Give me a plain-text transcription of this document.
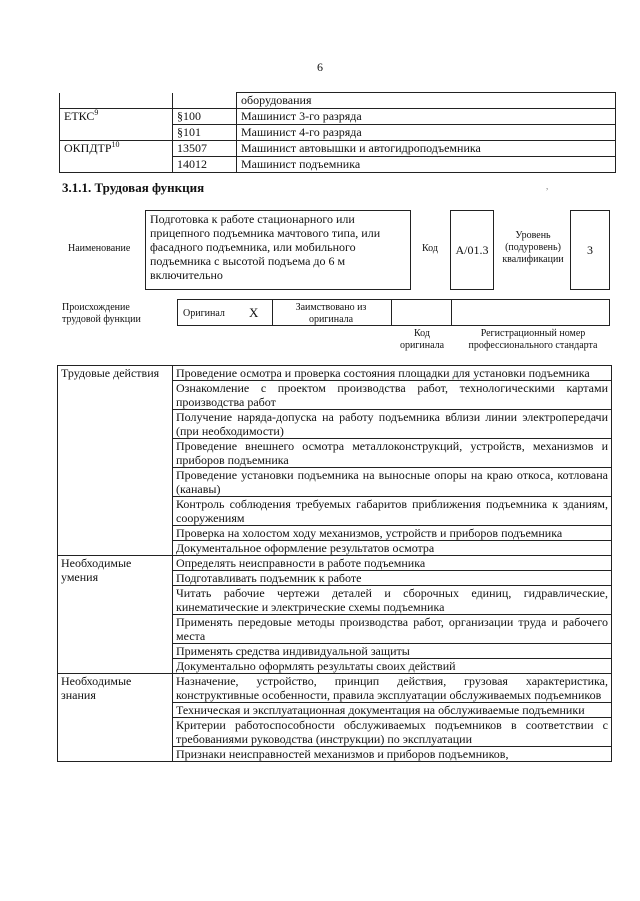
6
		оборудования
ЕТКС$^9$	§100	Машинист 3-го разряда
	§101	Машинист 4-го разряда
ОКПДТР$^{10}$	13507	Машинист автовышки и автогидроподъемника
	14012	Машинист подъемника
3.1.1. Трудовая функция	,
Наименование
Подготовка к работе стационарного или прицепного подъемника мачтового типа, или фасадного подъемника, или мобильного подъемника с высотой подъема до 6 м включительно
Код А/01.3
Уровень (подуровень) квалификации
3
Происхождение трудовой функции
Оригинал X	Заимствовано из оригинала
Код оригинала
Регистрационный номер профессионального стандарта
Трудовые действия	Проведение осмотра и проверка состояния площадки для установки подъемника
	Ознакомление с проектом производства работ, технологическими картами производства работ
	Получение наряда-допуска на работу подъемника вблизи линии электропередачи (при необходимости)
	Проведение внешнего осмотра металлоконструкций, устройств, механизмов и приборов подъемника
	Проведение установки подъемника на выносные опоры на краю откоса, котлована (канавы)
	Контроль соблюдения требуемых габаритов приближения подъемника к зданиям, сооружениям
	Проверка на холостом ходу механизмов, устройств и приборов подъемника
	Документальное оформление результатов осмотра
Необходимые умения	Определять неисправности в работе подъемника
	Подготавливать подъемник к работе
	Читать рабочие чертежи деталей и сборочных единиц, гидравлические, кинематические и электрические схемы подъемника
	Применять передовые методы производства работ, организации труда и рабочего места
	Применять средства индивидуальной защиты
	Документально оформлять результаты своих действий
Необходимые знания	Назначение, устройство, принцип действия, грузовая характеристика, конструктивные особенности, правила эксплуатации обслуживаемых подъемников
	Техническая и эксплуатационная документация на обслуживаемые подъемники
	Критерии работоспособности обслуживаемых подъемников в соответствии с требованиями руководства (инструкции) по эксплуатации
	Признаки неисправностей механизмов и приборов подъемников,
